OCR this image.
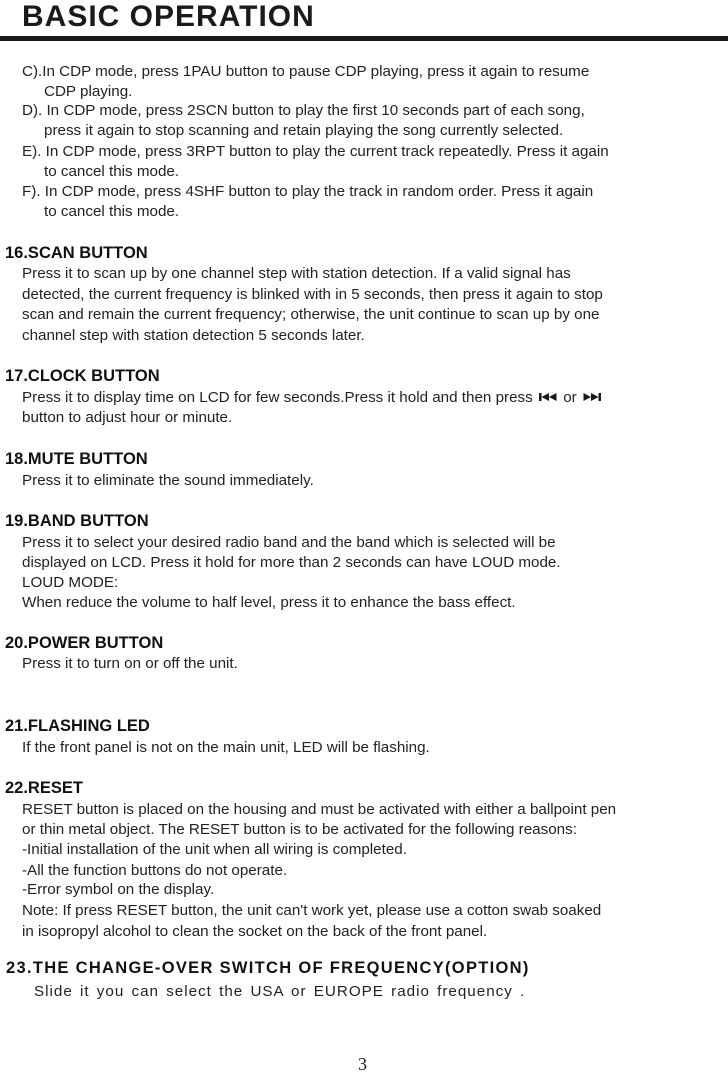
BASIC OPERATION
C).In CDP mode, press 1PAU button to pause CDP playing, press it again to resume
CDP playing.
D). In CDP mode, press 2SCN button to play the first 10 seconds part of each song,
press it again to stop scanning and retain playing the song currently selected.
E). In CDP mode, press 3RPT button to play the current track repeatedly. Press it again
to cancel this mode.
F). In CDP mode, press 4SHF button to play the track in random order. Press it again
to cancel this mode.
16.SCAN BUTTON
Press it to scan up by one channel step with station detection. If a valid signal has
detected, the current frequency is blinked with in 5 seconds, then press it again to stop
scan and remain the current frequency; otherwise, the unit continue to scan up by one
channel step with station detection 5 seconds later.
17.CLOCK BUTTON
Press it to display time on LCD for few seconds.Press it hold and then press or
button to adjust hour or minute.
18.MUTE BUTTON
Press it to eliminate the sound immediately.
19.BAND BUTTON
Press it to select your desired radio band and the band which is selected will be
displayed on LCD. Press it hold for more than 2 seconds can have LOUD mode.
LOUD MODE:
When reduce the volume to half level, press it to enhance the bass effect.
20.POWER BUTTON
Press it to turn on or off the unit.
21.FLASHING LED
If the front panel is not on the main unit, LED will be flashing.
22.RESET
RESET button is placed on the housing and must be activated with either a ballpoint pen
or thin metal object. The RESET button is to be activated for the following reasons:
-Initial installation of the unit when all wiring is completed.
-All the function buttons do not operate.
-Error symbol on the display.
Note: If press RESET button, the unit can't work yet, please use a cotton swab soaked
in isopropyl alcohol to clean the socket on the back of the front panel.
23.THE CHANGE-OVER SWITCH OF FREQUENCY(OPTION)
Slide it you can select the USA or EUROPE radio frequency .
3
